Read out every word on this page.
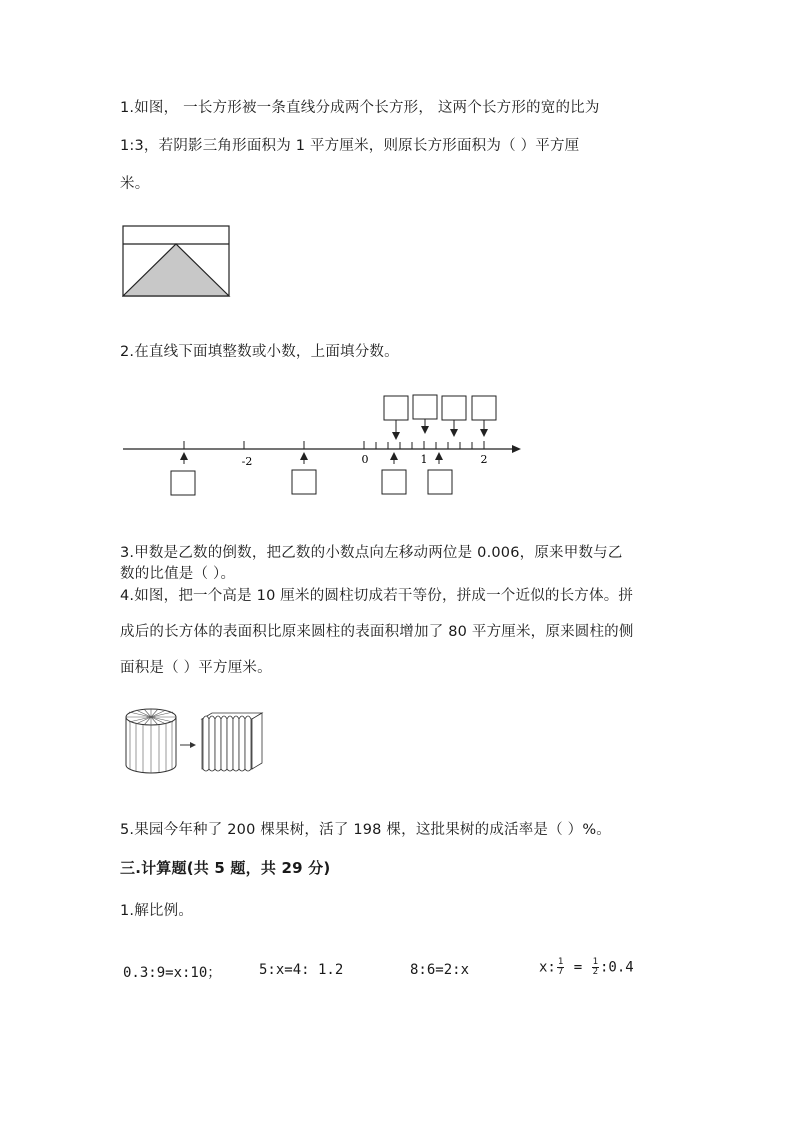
1.如图， 一长方形被一条直线分成两个长方形， 这两个长方形的宽的比为
1:3，若阴影三角形面积为 1 平方厘米，则原长方形面积为（ ）平方厘
米。
2.在直线下面填整数或小数，上面填分数。
-2	0	1	2
3.甲数是乙数的倒数，把乙数的小数点向左移动两位是 0.006，原来甲数与乙
数的比值是（ ）。
4.如图，把一个高是 10 厘米的圆柱切成若干等份，拼成一个近似的长方体。拼
成后的长方体的表面积比原来圆柱的表面积增加了 80 平方厘米，原来圆柱的侧
面积是（ ）平方厘米。
5.果园今年种了 200 棵果树，活了 198 棵，这批果树的成活率是（ ）%。
三.计算题(共 5 题，共 29 分)
1.解比例。
0.3:9=x:10；	5:x=4: 1.2	8:6=2:x	x: $\frac{1}{7} = \frac{1}{2}$ :0.4
